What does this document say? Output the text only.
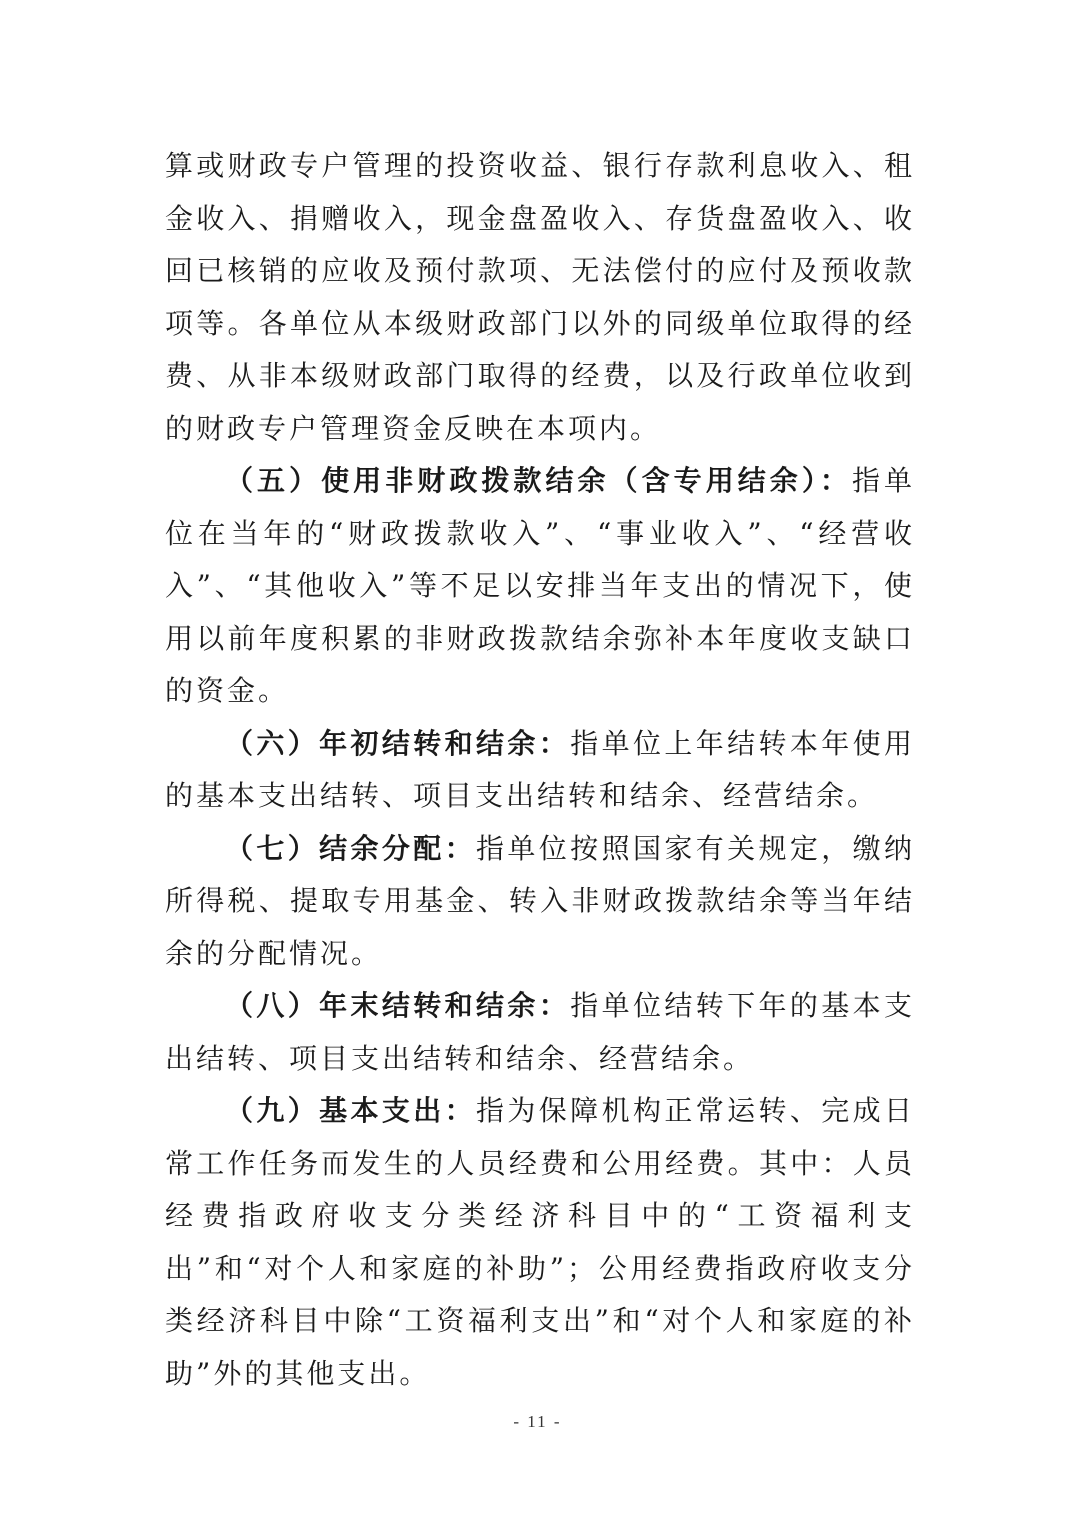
算或财政专户管理的投资收益、银行存款利息收入、租金收入、捐赠收入，现金盘盈收入、存货盘盈收入、收回已核销的应收及预付款项、无法偿付的应付及预收款项等。各单位从本级财政部门以外的同级单位取得的经费、从非本级财政部门取得的经费，以及行政单位收到的财政专户管理资金反映在本项内。

（五）使用非财政拨款结余（含专用结余）：指单位在当年的“财政拨款收入”、“事业收入”、“经营收入”、“其他收入”等不足以安排当年支出的情况下，使用以前年度积累的非财政拨款结余弥补本年度收支缺口的资金。

（六）年初结转和结余：指单位上年结转本年使用的基本支出结转、项目支出结转和结余、经营结余。

（七）结余分配：指单位按照国家有关规定，缴纳所得税、提取专用基金、转入非财政拨款结余等当年结余的分配情况。

（八）年末结转和结余：指单位结转下年的基本支出结转、项目支出结转和结余、经营结余。

（九）基本支出：指为保障机构正常运转、完成日常工作任务而发生的人员经费和公用经费。其中：人员经费指政府收支分类经济科目中的“工资福利支出”和“对个人和家庭的补助”；公用经费指政府收支分类经济科目中除“工资福利支出”和“对个人和家庭的补助”外的其他支出。

- 11 -
